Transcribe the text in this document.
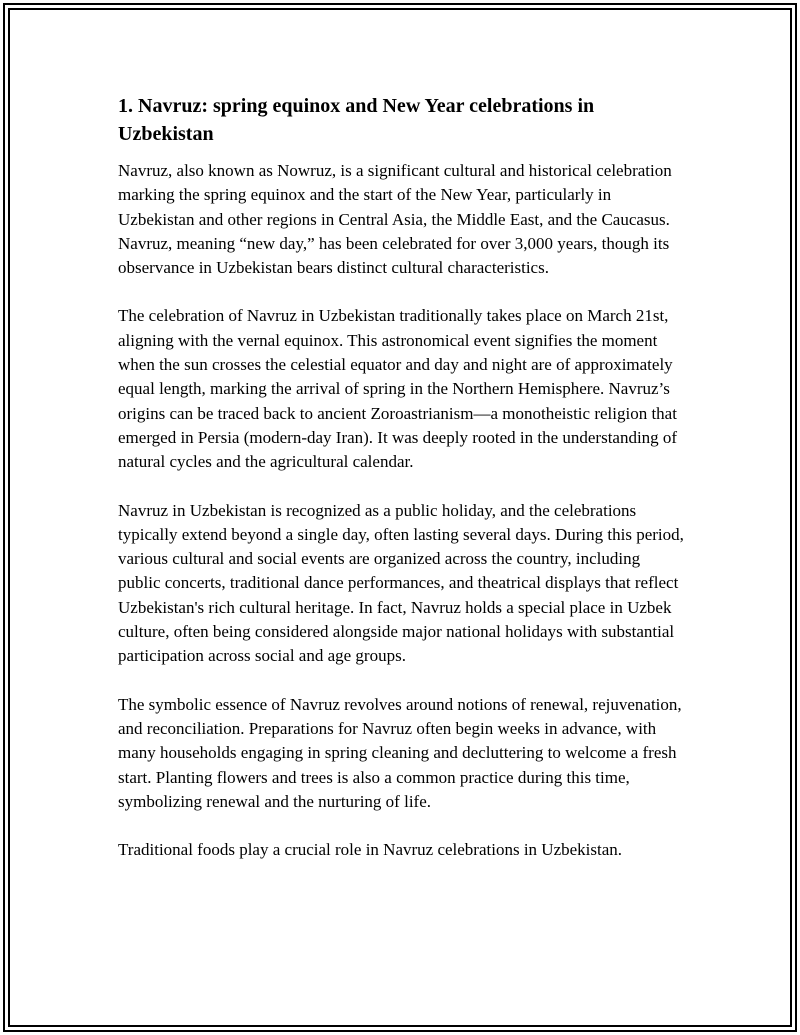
1. Navruz: spring equinox and New Year celebrations in Uzbekistan

Navruz, also known as Nowruz, is a significant cultural and historical celebration marking the spring equinox and the start of the New Year, particularly in Uzbekistan and other regions in Central Asia, the Middle East, and the Caucasus. Navruz, meaning “new day,” has been celebrated for over 3,000 years, though its observance in Uzbekistan bears distinct cultural characteristics.

The celebration of Navruz in Uzbekistan traditionally takes place on March 21st, aligning with the vernal equinox. This astronomical event signifies the moment when the sun crosses the celestial equator and day and night are of approximately equal length, marking the arrival of spring in the Northern Hemisphere. Navruz’s origins can be traced back to ancient Zoroastrianism—a monotheistic religion that emerged in Persia (modern-day Iran). It was deeply rooted in the understanding of natural cycles and the agricultural calendar.

Navruz in Uzbekistan is recognized as a public holiday, and the celebrations typically extend beyond a single day, often lasting several days. During this period, various cultural and social events are organized across the country, including public concerts, traditional dance performances, and theatrical displays that reflect Uzbekistan's rich cultural heritage. In fact, Navruz holds a special place in Uzbek culture, often being considered alongside major national holidays with substantial participation across social and age groups.

The symbolic essence of Navruz revolves around notions of renewal, rejuvenation, and reconciliation. Preparations for Navruz often begin weeks in advance, with many households engaging in spring cleaning and decluttering to welcome a fresh start. Planting flowers and trees is also a common practice during this time, symbolizing renewal and the nurturing of life.

Traditional foods play a crucial role in Navruz celebrations in Uzbekistan.
